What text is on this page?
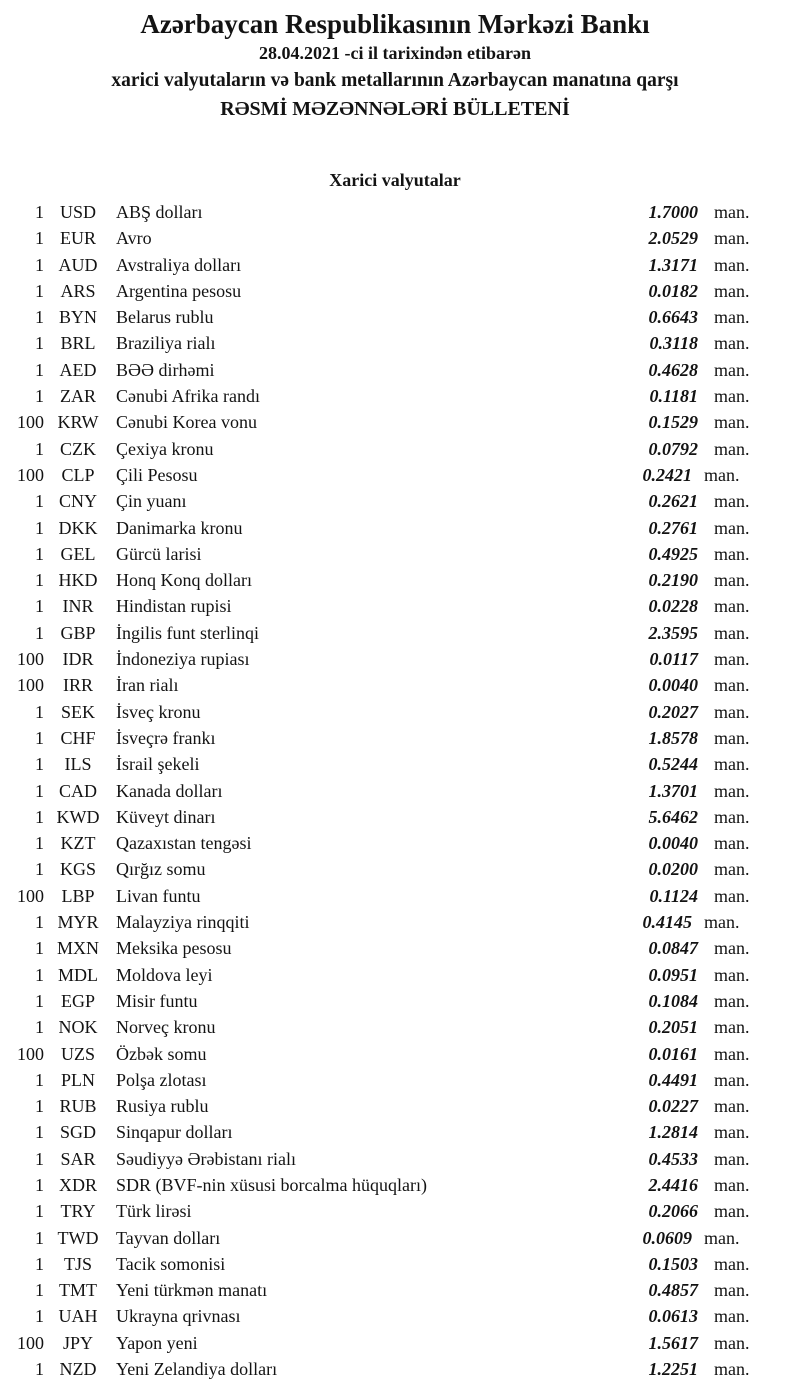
Azərbaycan Respublikasının Mərkəzi Bankı
28.04.2021 -ci il tarixindən etibarən
xarici valyutaların və bank metallarının Azərbaycan manatına qarşı
RƏSMİ MƏZƏNNƏLƏRİ BÜLLETENİ
Xarici valyutalar
1 USD	ABŞ dolları	1.7000 man.
1 EUR	Avro	2.0529 man.
1 AUD	Avstraliya dolları	1.3171 man.
1 ARS	Argentina pesosu	0.0182 man.
1 BYN	Belarus rublu	0.6643 man.
1 BRL	Braziliya rialı	0.3118 man.
1 AED	BƏƏ dirhəmi	0.4628 man.
1 ZAR	Cənubi Afrika randı	0.1181 man.
100 KRW Cənubi Korea vonu	0.1529 man.
1 CZK	Çexiya kronu	0.0792 man.
100 CLP	Çili Pesosu	0.2421 man.
1 CNY	Çin yuanı	0.2621 man.
1 DKK	Danimarka kronu	0.2761 man.
1 GEL	Gürcü larisi	0.4925 man.
1 HKD	Honq Konq dolları	0.2190 man.
1	INR	Hindistan rupisi	0.0228 man.
1 GBP	İngilis funt sterlinqi	2.3595 man.
100	IDR	İndoneziya rupiası	0.0117 man.
100	IRR	İran rialı	0.0040 man.
1 SEK	İsveç kronu	0.2027 man.
1 CHF	İsveçrə frankı	1.8578 man.
1	ILS	İsrail şekeli	0.5244 man.
1 CAD	Kanada dolları	1.3701 man.
1 KWD Küveyt dinarı	5.6462 man.
1 KZT	Qazaxıstan tengəsi	0.0040 man.
1 KGS	Qırğız somu	0.0200 man.
100 LBP	Livan funtu	0.1124 man.
1 MYR Malayziya rinqqiti	0.4145 man.
1 MXN Meksika pesosu	0.0847 man.
1 MDL	Moldova leyi	0.0951 man.
1 EGP	Misir funtu	0.1084 man.
1 NOK	Norveç kronu	0.2051 man.
100 UZS	Özbək somu	0.0161 man.
1 PLN	Polşa zlotası	0.4491 man.
1 RUB	Rusiya rublu	0.0227 man.
1 SGD	Sinqapur dolları	1.2814 man.
1 SAR	Səudiyyə Ərəbistanı rialı	0.4533 man.
1 XDR	SDR (BVF-nin xüsusi borcalma hüquqları)	2.4416 man.
1 TRY	Türk lirəsi	0.2066 man.
1 TWD Tayvan dolları	0.0609 man.
1	TJS	Tacik somonisi	0.1503 man.
1 TMT	Yeni türkmən manatı	0.4857 man.
1 UAH	Ukrayna qrivnası	0.0613 man.
100	JPY	Yapon yeni	1.5617 man.
1 NZD	Yeni Zelandiya dolları	1.2251 man.
